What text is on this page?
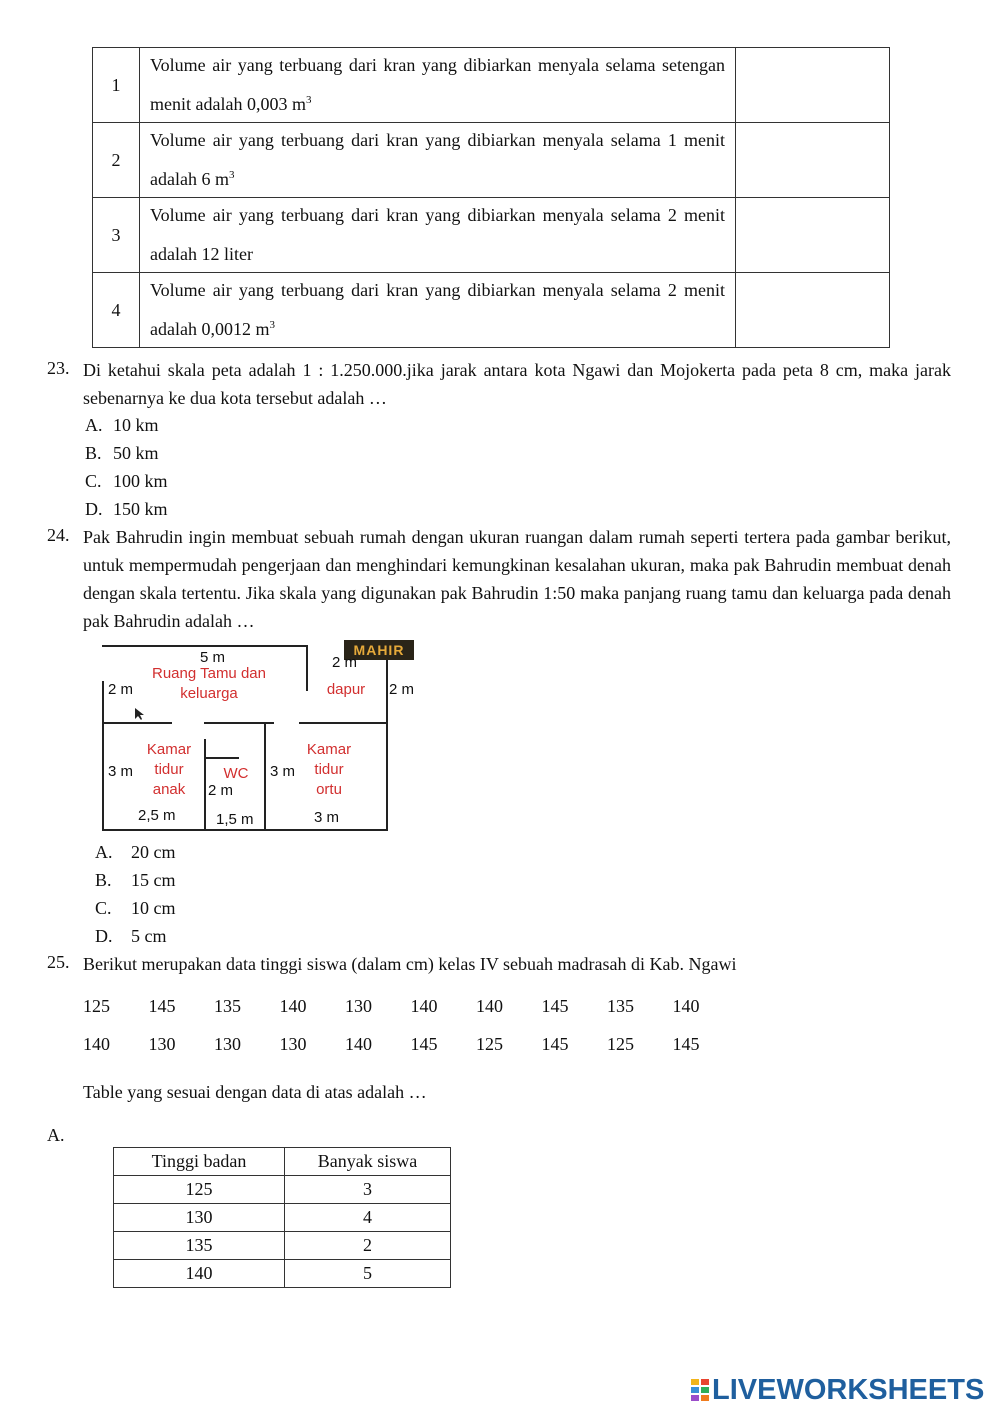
1	Volume air yang terbuang dari kran yang dibiarkan menyala selama setengan menit adalah 0,003 $m^3$	
2	Volume air yang terbuang dari kran yang dibiarkan menyala selama 1 menit adalah 6 $m^3$	
3	Volume air yang terbuang dari kran yang dibiarkan menyala selama 2 menit adalah 12 liter	
4	Volume air yang terbuang dari kran yang dibiarkan menyala selama 2 menit adalah 0,0012 $m^3$	
23. Di ketahui skala peta adalah 1 : 1.250.000.jika jarak antara kota Ngawi dan Mojokerta pada peta 8 cm, maka jarak sebenarnya ke dua kota tersebut adalah …
A. 10 km
B. 50 km
C. 100 km
D. 150 km
24. Pak Bahrudin ingin membuat sebuah rumah dengan ukuran ruangan dalam rumah seperti tertera pada gambar berikut, untuk mempermudah pengerjaan dan menghindari kemungkinan kesalahan ukuran, maka pak Bahrudin membuat denah dengan skala tertentu. Jika skala yang digunakan pak Bahrudin 1:50 maka panjang ruang tamu dan keluarga pada denah pak Bahrudin adalah …
MAHIR
5 m	2 m
2 m	2 m
Ruang Tamu dan
keluarga	dapur
Kamar
tidur
anak
3 m	WC
2 m
3 m
Kamar
tidur
ortu
2,5 m	1,5 m	3 m
A. 20 cm
B. 15 cm
C. 10 cm
D. 5 cm
25. Berikut merupakan data tinggi siswa (dalam cm) kelas IV sebuah madrasah di Kab. Ngawi
125 145 135 140 130 140 140 145 135 140
140 130 130 130 140 145 125 145 125 145
Table yang sesuai dengan data di atas adalah …
A.
Tinggi badan	Banyak siswa
125	3
130	4
135	2
140	5
LIVEWORKSHEETS
